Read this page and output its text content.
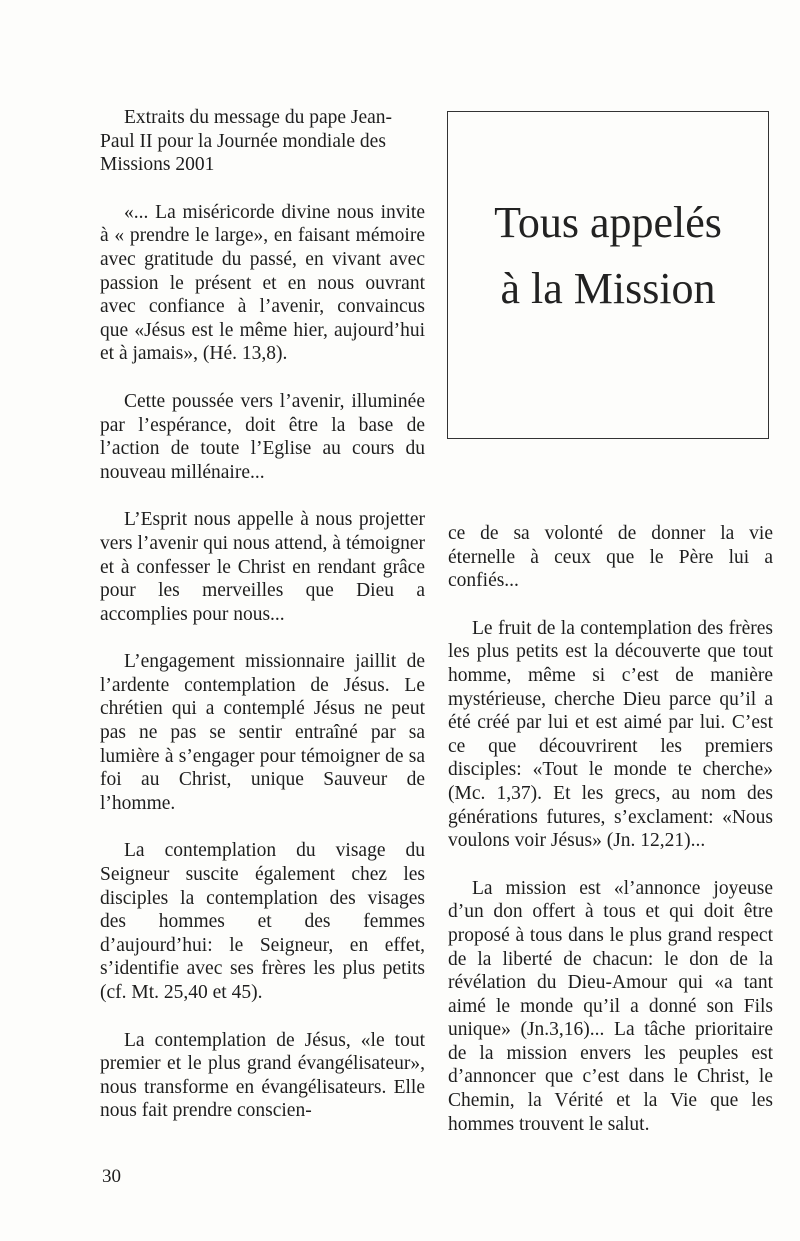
Tous appelés
à la Mission

Extraits du message du pape Jean-Paul II pour la Journée mondiale des Missions 2001

«... La miséricorde divine nous invite à « prendre le large», en faisant mémoire avec gratitude du passé, en vivant avec passion le présent et en nous ouvrant avec confiance à l’avenir, convaincus que «Jésus est le même hier, aujourd’hui et à jamais», (Hé. 13,8).

Cette poussée vers l’avenir, illuminée par l’espérance, doit être la base de l’action de toute l’Eglise au cours du nouveau millénaire...

L’Esprit nous appelle à nous projetter vers l’avenir qui nous attend, à témoigner et à confesser le Christ en rendant grâce pour les merveilles que Dieu a accomplies pour nous...

L’engagement missionnaire jaillit de l’ardente contemplation de Jésus. Le chrétien qui a contemplé Jésus ne peut pas ne pas se sentir entraîné par sa lumière à s’engager pour témoigner de sa foi au Christ, unique Sauveur de l’homme.

La contemplation du visage du Seigneur suscite également chez les disciples la contemplation des visages des hommes et des femmes d’aujourd’hui: le Seigneur, en effet, s’identifie avec ses frères les plus petits (cf. Mt. 25,40 et 45).

La contemplation de Jésus, «le tout premier et le plus grand évangélisateur», nous transforme en évangélisateurs. Elle nous fait prendre conscien-

ce de sa volonté de donner la vie éternelle à ceux que le Père lui a confiés...

Le fruit de la contemplation des frères les plus petits est la découverte que tout homme, même si c’est de manière mystérieuse, cherche Dieu parce qu’il a été créé par lui et est aimé par lui. C’est ce que découvrirent les premiers disciples: «Tout le monde te cherche» (Mc. 1,37). Et les grecs, au nom des générations futures, s’exclament: «Nous voulons voir Jésus» (Jn. 12,21)...

La mission est «l’annonce joyeuse d’un don offert à tous et qui doit être proposé à tous dans le plus grand respect de la liberté de chacun: le don de la révélation du Dieu-Amour qui «a tant aimé le monde qu’il a donné son Fils unique» (Jn.3,16)... La tâche prioritaire de la mission envers les peuples est d’annoncer que c’est dans le Christ, le Chemin, la Vérité et la Vie que les hommes trouvent le salut.

30
